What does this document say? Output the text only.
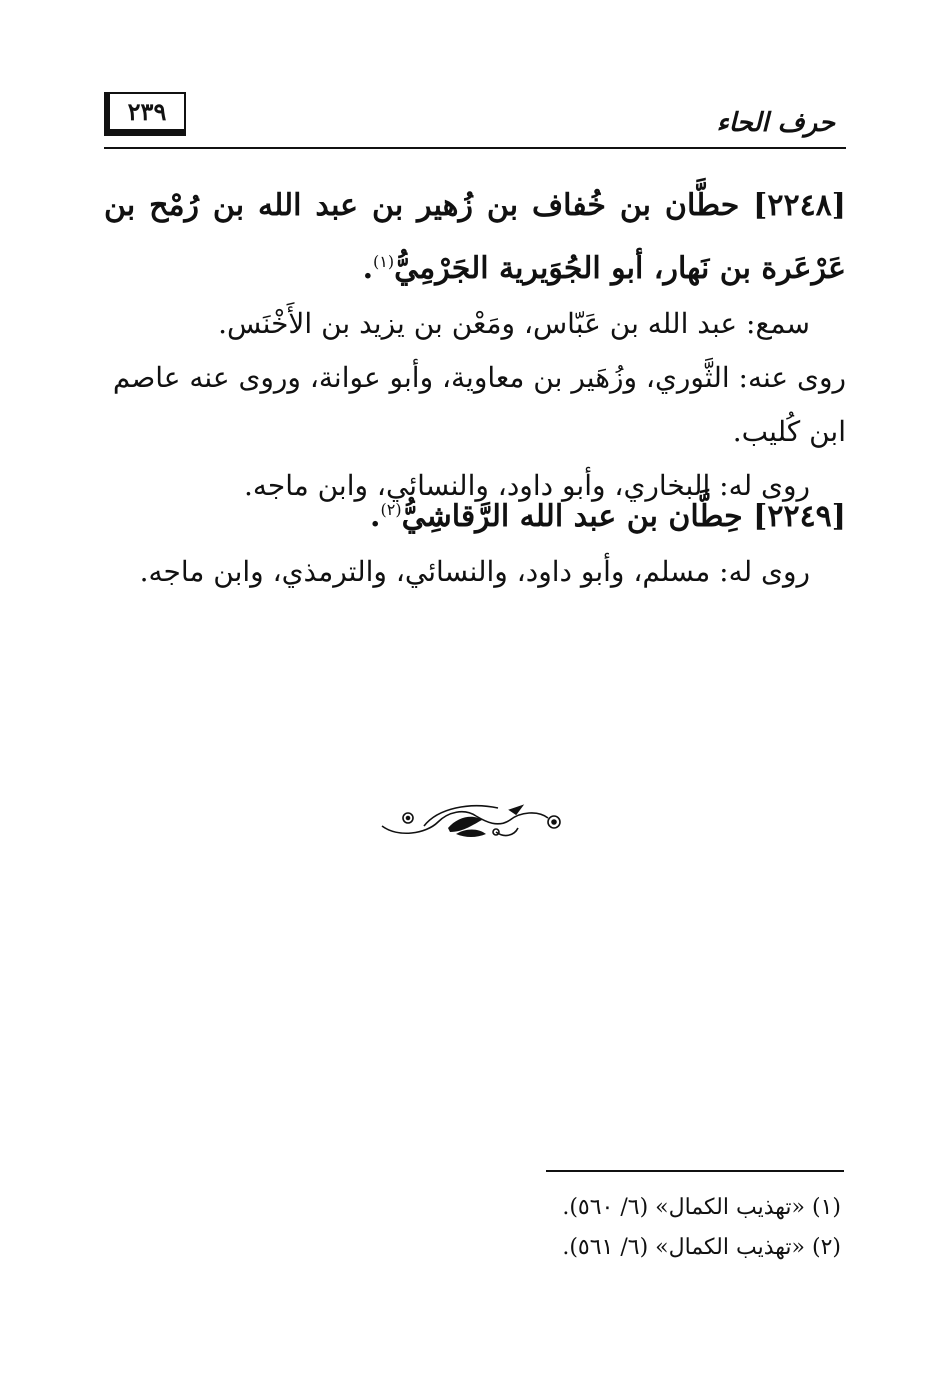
حرف الحاء
٢٣٩
[٢٢٤٨] حطَّان بن خُفاف بن زُهير بن عبد الله بن رُمْح بن عَرْعَرة بن نَهار، أبو الجُوَيرية الجَرْمِيُّ$^{(١)}$.
سمع: عبد الله بن عَبّاس، ومَعْن بن يزيد بن الأَخْنَس.
روى عنه: الثَّوري، وزُهَير بن معاوية، وأبو عوانة، وروى عنه عاصم ابن كُليب.
روى له: البخاري، وأبو داود، والنسائي، وابن ماجه.
[٢٢٤٩] حِطَّان بن عبد الله الرَّقاشِيُّ$^{(٢)}$.
روى له: مسلم، وأبو داود، والنسائي، والترمذي، وابن ماجه.
(١) «تهذيب الكمال» (٦/ ٥٦٠).
(٢) «تهذيب الكمال» (٦/ ٥٦١).
